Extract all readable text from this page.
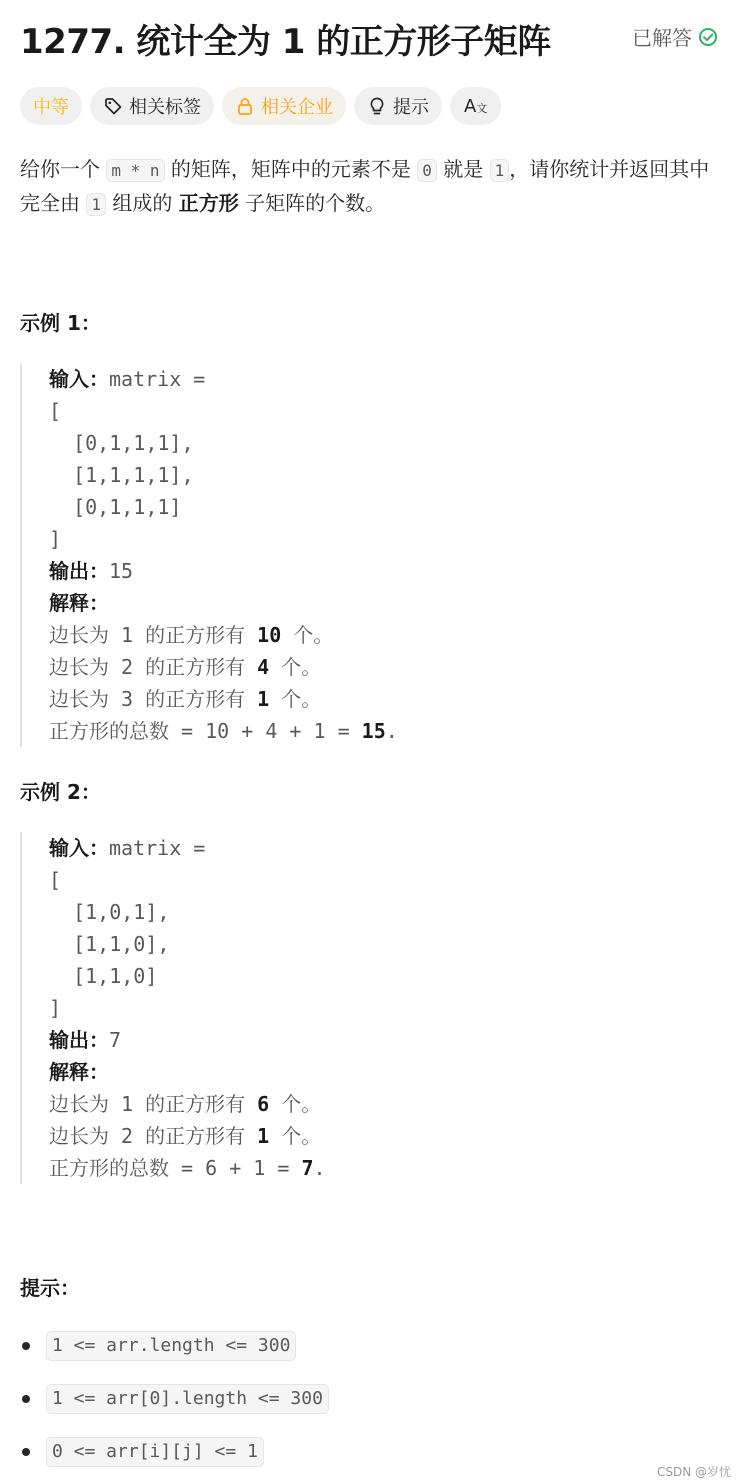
1277. 统计全为 1 的正方形子矩阵	已解答
中等	相关标签	相关企业	提示 A文
给你一个 m * n 的矩阵，矩阵中的元素不是 0 就是 1 ，请你统计并返回其中完全由 1 组成的 正方形 子矩阵的个数。
示例 1：
输入：matrix =
[
[0,1,1,1],
[1,1,1,1],
[0,1,1,1]
]
输出：15
解释：
边长为 1 的正方形有 10 个。
边长为 2 的正方形有 4 个。
边长为 3 的正方形有 1 个。
正方形的总数 = 10 + 4 + 1 = 15.
示例 2：
输入：matrix =
[
[1,0,1],
[1,1,0],
[1,1,0]
]
输出：7
解释：
边长为 1 的正方形有 6 个。
边长为 2 的正方形有 1 个。
正方形的总数 = 6 + 1 = 7.
提示：
1 <= arr.length <= 300
1 <= arr[0].length <= 300
0 <= arr[i][j] <= 1
CSDN @岁忧
